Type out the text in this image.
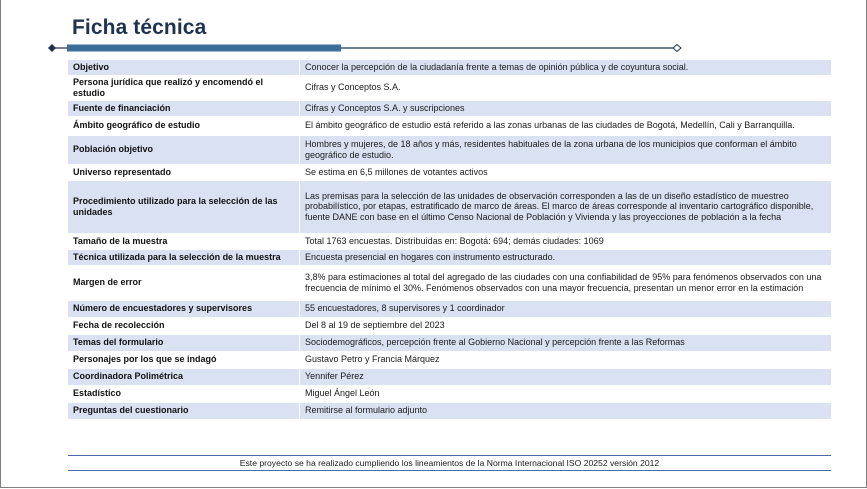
Ficha técnica
Objetivo	Conocer la percepción de la ciudadanía frente a temas de opinión pública y de coyuntura social.
Persona jurídica que realizó y encomendó el estudio	Cifras y Conceptos S.A.
Fuente de financiación	Cifras y Conceptos S.A. y suscripciones
Ámbito geográfico de estudio	El ámbito geográfico de estudio está referido a las zonas urbanas de las ciudades de Bogotá, Medellín, Cali y Barranquilla.
Población objetivo	Hombres y mujeres, de 18 años y más, residentes habituales de la zona urbana de los municipios que conforman el ámbito geográfico de estudio.
Universo representado	Se estima en 6,5 millones de votantes activos
Procedimiento utilizado para la selección de las unidades	Las premisas para la selección de las unidades de observación corresponden a las de un diseño estadístico de muestreo probabilístico, por etapas, estratificado de marco de áreas. El marco de áreas corresponde al inventario cartográfico disponible, fuente DANE con base en el último Censo Nacional de Población y Vivienda y las proyecciones de población a la fecha
Tamaño de la muestra	Total 1763 encuestas. Distribuidas en: Bogotá: 694; demás ciudades: 1069
Técnica utilizada para la selección de la muestra	Encuesta presencial en hogares con instrumento estructurado.
Margen de error	3,8% para estimaciones al total del agregado de las ciudades con una confiabilidad de 95% para fenómenos observados con una frecuencia de mínimo el 30%. Fenómenos observados con una mayor frecuencia, presentan un menor error en la estimación
Número de encuestadores y supervisores	55 encuestadores, 8 supervisores y 1 coordinador
Fecha de recolección	Del 8 al 19 de septiembre del 2023
Temas del formulario	Sociodemográficos, percepción frente al Gobierno Nacional y percepción frente a las Reformas
Personajes por los que se indagó	Gustavo Petro y Francia Márquez
Coordinadora Polimétrica	Yennifer Pérez
Estadístico	Miguel Ángel León
Preguntas del cuestionario	Remitirse al formulario adjunto
Este proyecto se ha realizado cumpliendo los lineamientos de la Norma Internacional ISO 20252 versión 2012
